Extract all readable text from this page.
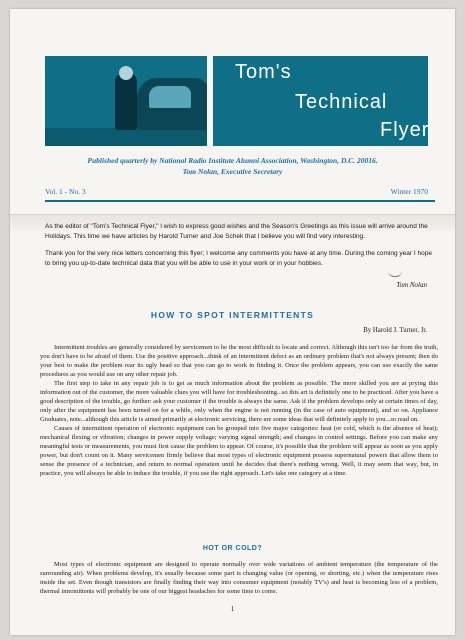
Tom's
Technical
Flyer
Published quarterly by National Radio Institute Alumni Association, Washington, D.C. 20016.
Tom Nolan, Executive Secretary
Vol. 1 - No. 3	Winter 1970
As the editor of "Tom's Technical Flyer," I wish to express good wishes and the Season's Greetings as this issue will arrive around the Holidays. This time we have articles by Harold Turner and Joe Schek that I believe you will find very interesting.
Thank you for the very nice letters concerning this flyer; I welcome any comments you have at any time. During the coming year I hope to bring you up-to-date technical data that you will be able to use in your work or in your hobbies.
Tom Nolan
HOW TO SPOT INTERMITTENTS
By Harold J. Turner, Jr.

Intermittent troubles are generally considered by servicemen to be the most difficult to locate and correct. Although this isn't too far from the truth, you don't have to be afraid of them. Use the positive approach...think of an intermittent defect as an ordinary problem that's not always present; then do your best to make the problem rear its ugly head so that you can go to work in finding it. Once the problem appears, you can use exactly the same procedures as you would use on any other repair job.

The first step to take in any repair job is to get as much information about the problem as possible. The more skilled you are at prying this information out of the customer, the more valuable clues you will have for troubleshooting...so this art is definitely one to be practiced. After you have a good description of the trouble, go further: ask your customer if the trouble is always the same. Ask if the problem develops only at certain times of day, only after the equipment has been turned on for a while, only when the engine is not running (in the case of auto equipment), and so on. Appliance Graduates, note...although this article is aimed primarily at electronic servicing, there are some ideas that will definitely apply to you...so read on.

Causes of intermittent operation of electronic equipment can be grouped into five major categories: heat (or cold, which is the absence of heat); mechanical flexing or vibration; changes in power supply voltage; varying signal strength; and changes in control settings. Before you can make any meaningful tests or measurements, you must first cause the problem to appear. Of course, it's possible that the problem will appear as soon as you apply power, but don't count on it. Many servicemen firmly believe that most types of electronic equipment possess supernatural powers that allow them to sense the presence of a technician, and return to normal operation until he decides that there's nothing wrong. Well, it may seem that way, but, in practice, you will always be able to induce the trouble, if you use the right approach. Let's take one category at a time.

HOT OR COLD?

Most types of electronic equipment are designed to operate normally over wide variations of ambient temperature (the temperature of the surrounding air). When problems develop, it's usually because some part is changing value (or opening, or shorting, etc.) when the temperature rises inside the set. Even though transistors are finally finding their way into consumer equipment (notably TV's) and heat is becoming less of a problem, thermal intermittents will probably be one of our biggest headaches for some time to come.

1
